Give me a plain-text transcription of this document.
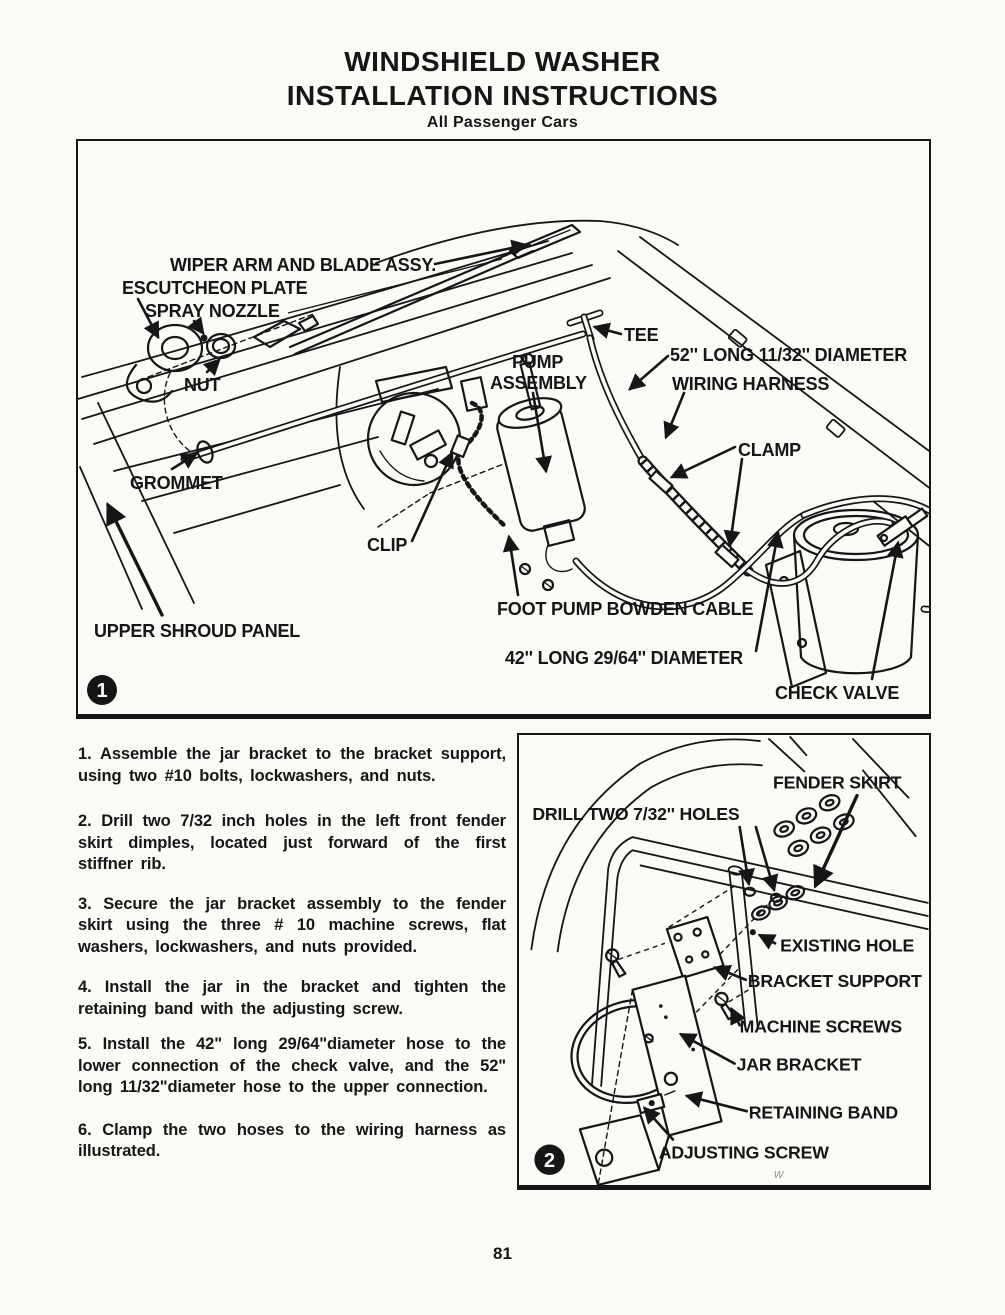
WINDSHIELD WASHER
INSTALLATION INSTRUCTIONS
All Passenger Cars
WIPER ARM AND BLADE ASSY.
ESCUTCHEON PLATE
SPRAY NOZZLE
NUT
TEE
PUMP
ASSEMBLY
52'' LONG 11/32'' DIAMETER
WIRING HARNESS
CLAMP
GROMMET
CLIP
UPPER SHROUD PANEL
FOOT PUMP BOWDEN CABLE
42'' LONG 29/64'' DIAMETER
CHECK VALVE
1

1. Assemble the jar bracket to the bracket support, using two #10 bolts, lockwashers, and nuts.

2. Drill two 7/32 inch holes in the left front fender skirt dimples, located just forward of the first stiffner rib.

3. Secure the jar bracket assembly to the fender skirt using the three # 10 machine screws, flat washers, lockwashers, and nuts provided.

4. Install the jar in the bracket and tighten the retaining band with the adjusting screw.

5. Install the 42" long 29/64"diameter hose to the lower connection of the check valve, and the 52" long 11/32"diameter hose to the upper connection.

6. Clamp the two hoses to the wiring harness as illustrated.

FENDER SKIRT
DRILL TWO 7/32'' HOLES
EXISTING HOLE
BRACKET SUPPORT
MACHINE SCREWS
JAR BRACKET
RETAINING BAND
ADJUSTING SCREW
w
2
81
